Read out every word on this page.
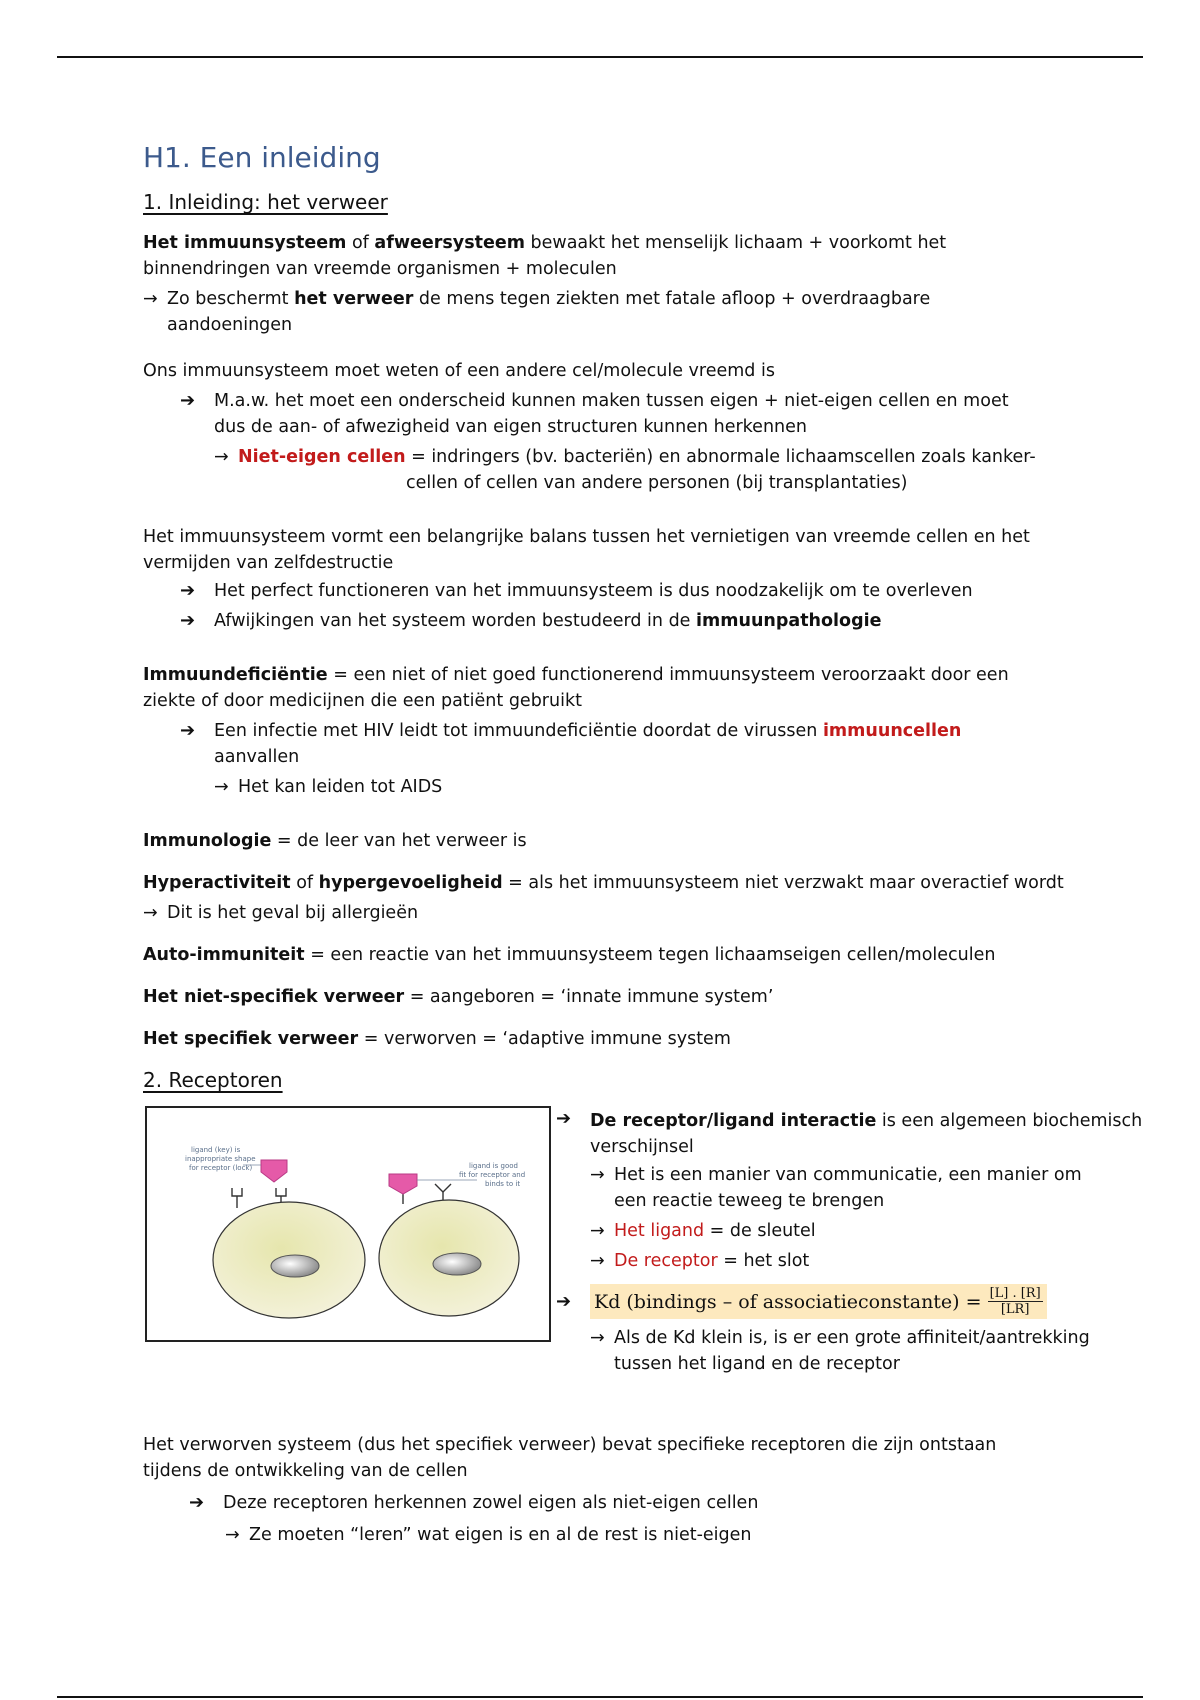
H1. Een inleiding
1. Inleiding: het verweer

Het immuunsysteem of afweersysteem bewaakt het menselijk lichaam + voorkomt het
binnendringen van vreemde organismen + moleculen

→ Zo beschermt het verweer de mens tegen ziekten met fatale afloop + overdraagbare
aandoeningen

Ons immuunsysteem moet weten of een andere cel/molecule vreemd is

➔	M.a.w. het moet een onderscheid kunnen maken tussen eigen + niet-eigen cellen en moet
dus de aan- of afwezigheid van eigen structuren kunnen herkennen

→ Niet-eigen cellen = indringers (bv. bacteriën) en abnormale lichaamscellen zoals kanker-
cellen of cellen van andere personen (bij transplantaties)

Het immuunsysteem vormt een belangrijke balans tussen het vernietigen van vreemde cellen en het
vermijden van zelfdestructie

➔	Het perfect functioneren van het immuunsysteem is dus noodzakelijk om te overleven

➔	Afwijkingen van het systeem worden bestudeerd in de immuunpathologie

Immuundeficiëntie = een niet of niet goed functionerend immuunsysteem veroorzaakt door een
ziekte of door medicijnen die een patiënt gebruikt

➔	Een infectie met HIV leidt tot immuundeficiëntie doordat de virussen immuuncellen
aanvallen

→ Het kan leiden tot AIDS

Immunologie = de leer van het verweer is

Hyperactiviteit of hypergevoeligheid = als het immuunsysteem niet verzwakt maar overactief wordt

→ Dit is het geval bij allergieën

Auto-immuniteit = een reactie van het immuunsysteem tegen lichaamseigen cellen/moleculen

Het niet-specifiek verweer = aangeboren = ‘innate immune system’

Het specifiek verweer = verworven = ‘adaptive immune system

2. Receptoren
ligand (key) is
inappropriate shape
for receptor (lock)	ligand is good
fit for receptor and
binds to it
➔	De receptor/ligand interactie is een algemeen biochemisch
verschijnsel

→ Het is een manier van communicatie, een manier om
een reactie teweeg te brengen

→ Het ligand = de sleutel

→ De receptor = het slot

➔	Kd (bindings – of associatieconstante) = $\frac{[L] . [R]}{[LR]}$
→ Als de Kd klein is, is er een grote affiniteit/aantrekking
tussen het ligand en de receptor

Het verworven systeem (dus het specifiek verweer) bevat specifieke receptoren die zijn ontstaan
tijdens de ontwikkeling van de cellen

➔	Deze receptoren herkennen zowel eigen als niet-eigen cellen

→ Ze moeten “leren” wat eigen is en al de rest is niet-eigen
